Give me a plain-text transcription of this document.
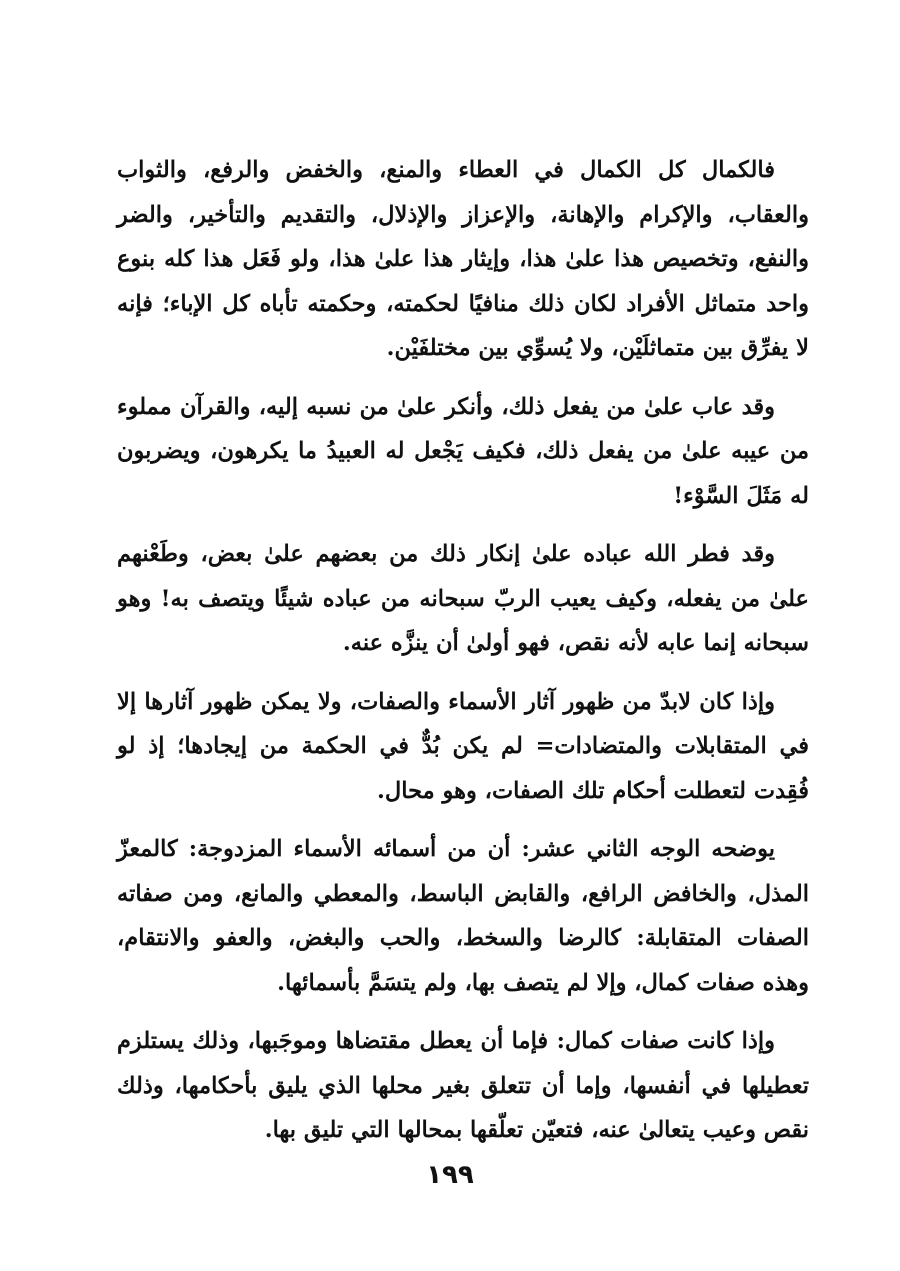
فالكمال كل الكمال في العطاء والمنع، والخفض والرفع، والثواب والعقاب، والإكرام والإهانة، والإعزاز والإذلال، والتقديم والتأخير، والضر والنفع، وتخصيص هذا علىٰ هذا، وإيثار هذا علىٰ هذا، ولو فَعَل هذا كله بنوع واحد متماثل الأفراد لكان ذلك منافيًا لحكمته، وحكمته تأباه كل الإباء؛ فإنه لا يفرِّق بين متماثلَيْن، ولا يُسوِّي بين مختلفَيْن.

وقد عاب علىٰ من يفعل ذلك، وأنكر علىٰ من نسبه إليه، والقرآن مملوء من عيبه علىٰ من يفعل ذلك، فكيف يَجْعل له العبيدُ ما يكرهون، ويضربون له مَثَلَ السَّوْء!

وقد فطر الله عباده علىٰ إنكار ذلك من بعضهم علىٰ بعض، وطَعْنهم علىٰ من يفعله، وكيف يعيب الربّ سبحانه من عباده شيئًا ويتصف به! وهو سبحانه إنما عابه لأنه نقص، فهو أولىٰ أن ينزَّه عنه.

وإذا كان لابدّ من ظهور آثار الأسماء والصفات، ولا يمكن ظهور آثارها إلا في المتقابلات والمتضادات= لم يكن بُدٌّ في الحكمة من إيجادها؛ إذ لو فُقِدت لتعطلت أحكام تلك الصفات، وهو محال.

يوضحه الوجه الثاني عشر: أن من أسمائه الأسماء المزدوجة: كالمعزّ المذل، والخافض الرافع، والقابض الباسط، والمعطي والمانع، ومن صفاته الصفات المتقابلة: كالرضا والسخط، والحب والبغض، والعفو والانتقام، وهذه صفات كمال، وإلا لم يتصف بها، ولم يتسَمَّ بأسمائها.

وإذا كانت صفات كمال: فإما أن يعطل مقتضاها وموجَبها، وذلك يستلزم تعطيلها في أنفسها، وإما أن تتعلق بغير محلها الذي يليق بأحكامها، وذلك نقص وعيب يتعالىٰ عنه، فتعيّن تعلّقها بمحالها التي تليق بها.

١٩٩
